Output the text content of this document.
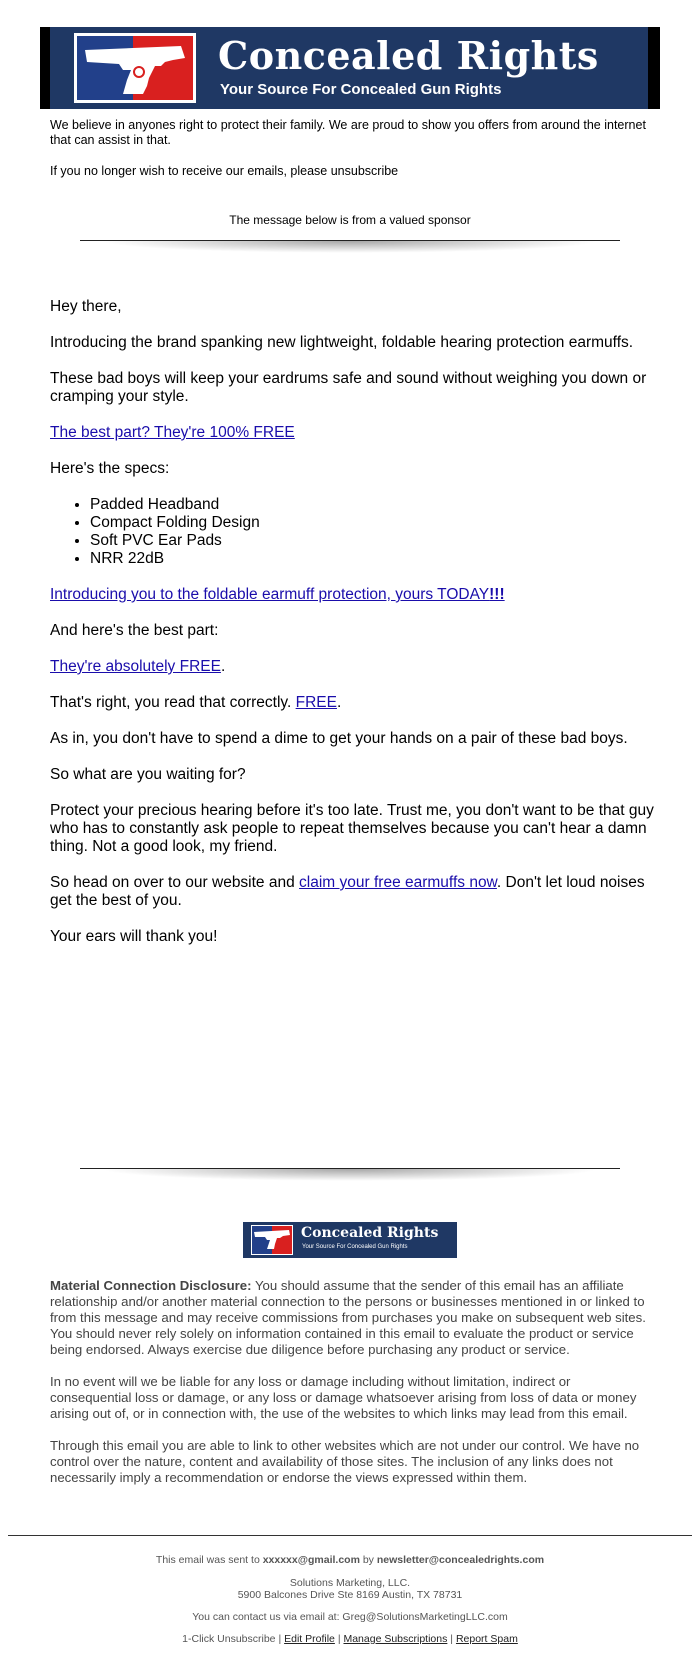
Concealed Rights
Your Source For Concealed Gun Rights
We believe in anyones right to protect their family. We are proud to show you offers from around the internet that can assist in that.
If you no longer wish to receive our emails, please unsubscribe
The message below is from a valued sponsor

Hey there,

Introducing the brand spanking new lightweight, foldable hearing protection earmuffs.

These bad boys will keep your eardrums safe and sound without weighing you down or cramping your style.

The best part? They're 100% FREE

Here's the specs:

• Padded Headband
• Compact Folding Design
• Soft PVC Ear Pads
• NRR 22dB

Introducing you to the foldable earmuff protection, yours TODAY!!!

And here's the best part:

They're absolutely FREE.

That's right, you read that correctly. FREE.

As in, you don't have to spend a dime to get your hands on a pair of these bad boys.

So what are you waiting for?

Protect your precious hearing before it's too late. Trust me, you don't want to be that guy who has to constantly ask people to repeat themselves because you can't hear a damn thing. Not a good look, my friend.

So head on over to our website and claim your free earmuffs now. Don't let loud noises
get the best of you.

Your ears will thank you!

Concealed Rights
Your Source For Concealed Gun Rights

Material Connection Disclosure: You should assume that the sender of this email has an affiliate relationship and/or another material connection to the persons or businesses mentioned in or linked to from this message and may receive commissions from purchases you make on subsequent web sites. You should never rely solely on information contained in this email to evaluate the product or service being endorsed. Always exercise due diligence before purchasing any product or service.

In no event will we be liable for any loss or damage including without limitation, indirect or consequential loss or damage, or any loss or damage whatsoever arising from loss of data or money arising out of, or in connection with, the use of the websites to which links may lead from this email.

Through this email you are able to link to other websites which are not under our control. We have no control over the nature, content and availability of those sites. The inclusion of any links does not necessarily imply a recommendation or endorse the views expressed within them.

This email was sent to xxxxxx@gmail.com by newsletter@concealedrights.com
Solutions Marketing, LLC.
5900 Balcones Drive Ste 8169 Austin, TX 78731
You can contact us via email at: Greg@SolutionsMarketingLLC.com
1-Click Unsubscribe | Edit Profile | Manage Subscriptions | Report Spam
